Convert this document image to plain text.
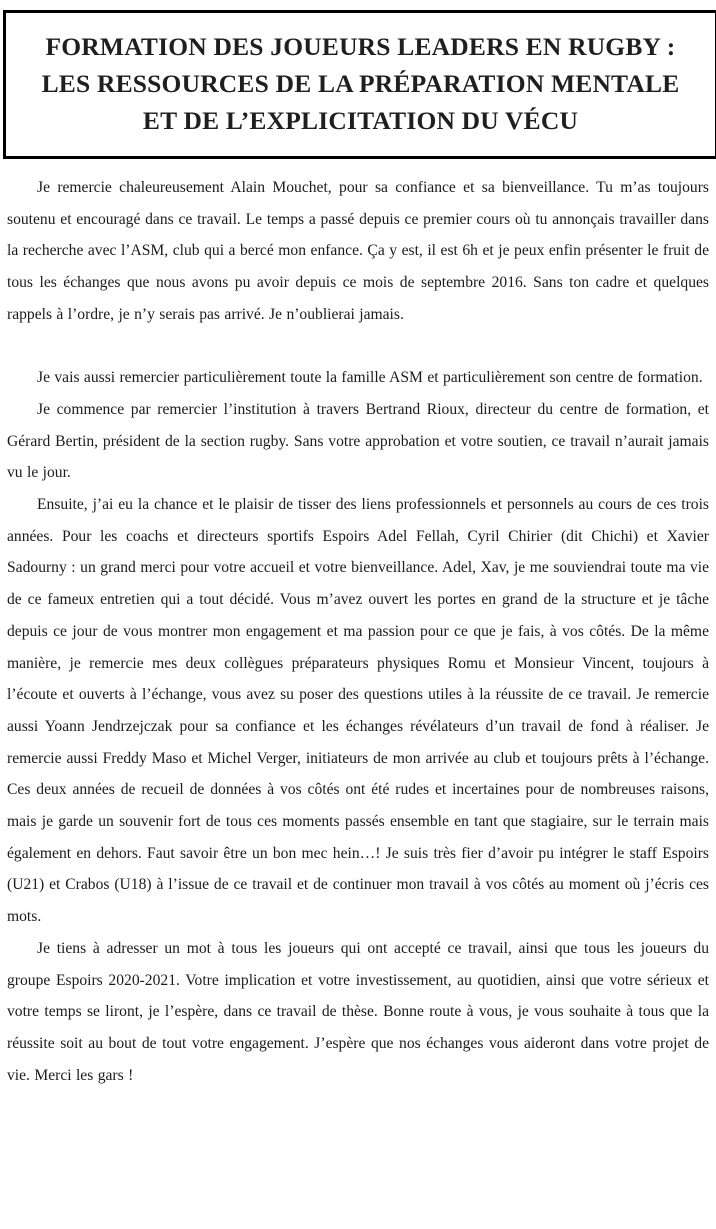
FORMATION DES JOUEURS LEADERS EN RUGBY :
LES RESSOURCES DE LA PRÉPARATION MENTALE
ET DE L’EXPLICITATION DU VÉCU

Je remercie chaleureusement Alain Mouchet, pour sa confiance et sa bienveillance. Tu m’as toujours soutenu et encouragé dans ce travail. Le temps a passé depuis ce premier cours où tu annonçais travailler dans la recherche avec l’ASM, club qui a bercé mon enfance. Ça y est, il est 6h et je peux enfin présenter le fruit de tous les échanges que nous avons pu avoir depuis ce mois de septembre 2016. Sans ton cadre et quelques rappels à l’ordre, je n’y serais pas arrivé. Je n’oublierai jamais.

Je vais aussi remercier particulièrement toute la famille ASM et particulièrement son centre de formation.

Je commence par remercier l’institution à travers Bertrand Rioux, directeur du centre de formation, et Gérard Bertin, président de la section rugby. Sans votre approbation et votre soutien, ce travail n’aurait jamais vu le jour.

Ensuite, j’ai eu la chance et le plaisir de tisser des liens professionnels et personnels au cours de ces trois années. Pour les coachs et directeurs sportifs Espoirs Adel Fellah, Cyril Chirier (dit Chichi) et Xavier Sadourny : un grand merci pour votre accueil et votre bienveillance. Adel, Xav, je me souviendrai toute ma vie de ce fameux entretien qui a tout décidé. Vous m’avez ouvert les portes en grand de la structure et je tâche depuis ce jour de vous montrer mon engagement et ma passion pour ce que je fais, à vos côtés. De la même manière, je remercie mes deux collègues préparateurs physiques Romu et Monsieur Vincent, toujours à l’écoute et ouverts à l’échange, vous avez su poser des questions utiles à la réussite de ce travail. Je remercie aussi Yoann Jendrzejczak pour sa confiance et les échanges révélateurs d’un travail de fond à réaliser. Je remercie aussi Freddy Maso et Michel Verger, initiateurs de mon arrivée au club et toujours prêts à l’échange. Ces deux années de recueil de données à vos côtés ont été rudes et incertaines pour de nombreuses raisons, mais je garde un souvenir fort de tous ces moments passés ensemble en tant que stagiaire, sur le terrain mais également en dehors. Faut savoir être un bon mec hein…! Je suis très fier d’avoir pu intégrer le staff Espoirs (U21) et Crabos (U18) à l’issue de ce travail et de continuer mon travail à vos côtés au moment où j’écris ces mots.

Je tiens à adresser un mot à tous les joueurs qui ont accepté ce travail, ainsi que tous les joueurs du groupe Espoirs 2020-2021. Votre implication et votre investissement, au quotidien, ainsi que votre sérieux et votre temps se liront, je l’espère, dans ce travail de thèse. Bonne route à vous, je vous souhaite à tous que la réussite soit au bout de tout votre engagement. J’espère que nos échanges vous aideront dans votre projet de vie. Merci les gars !
